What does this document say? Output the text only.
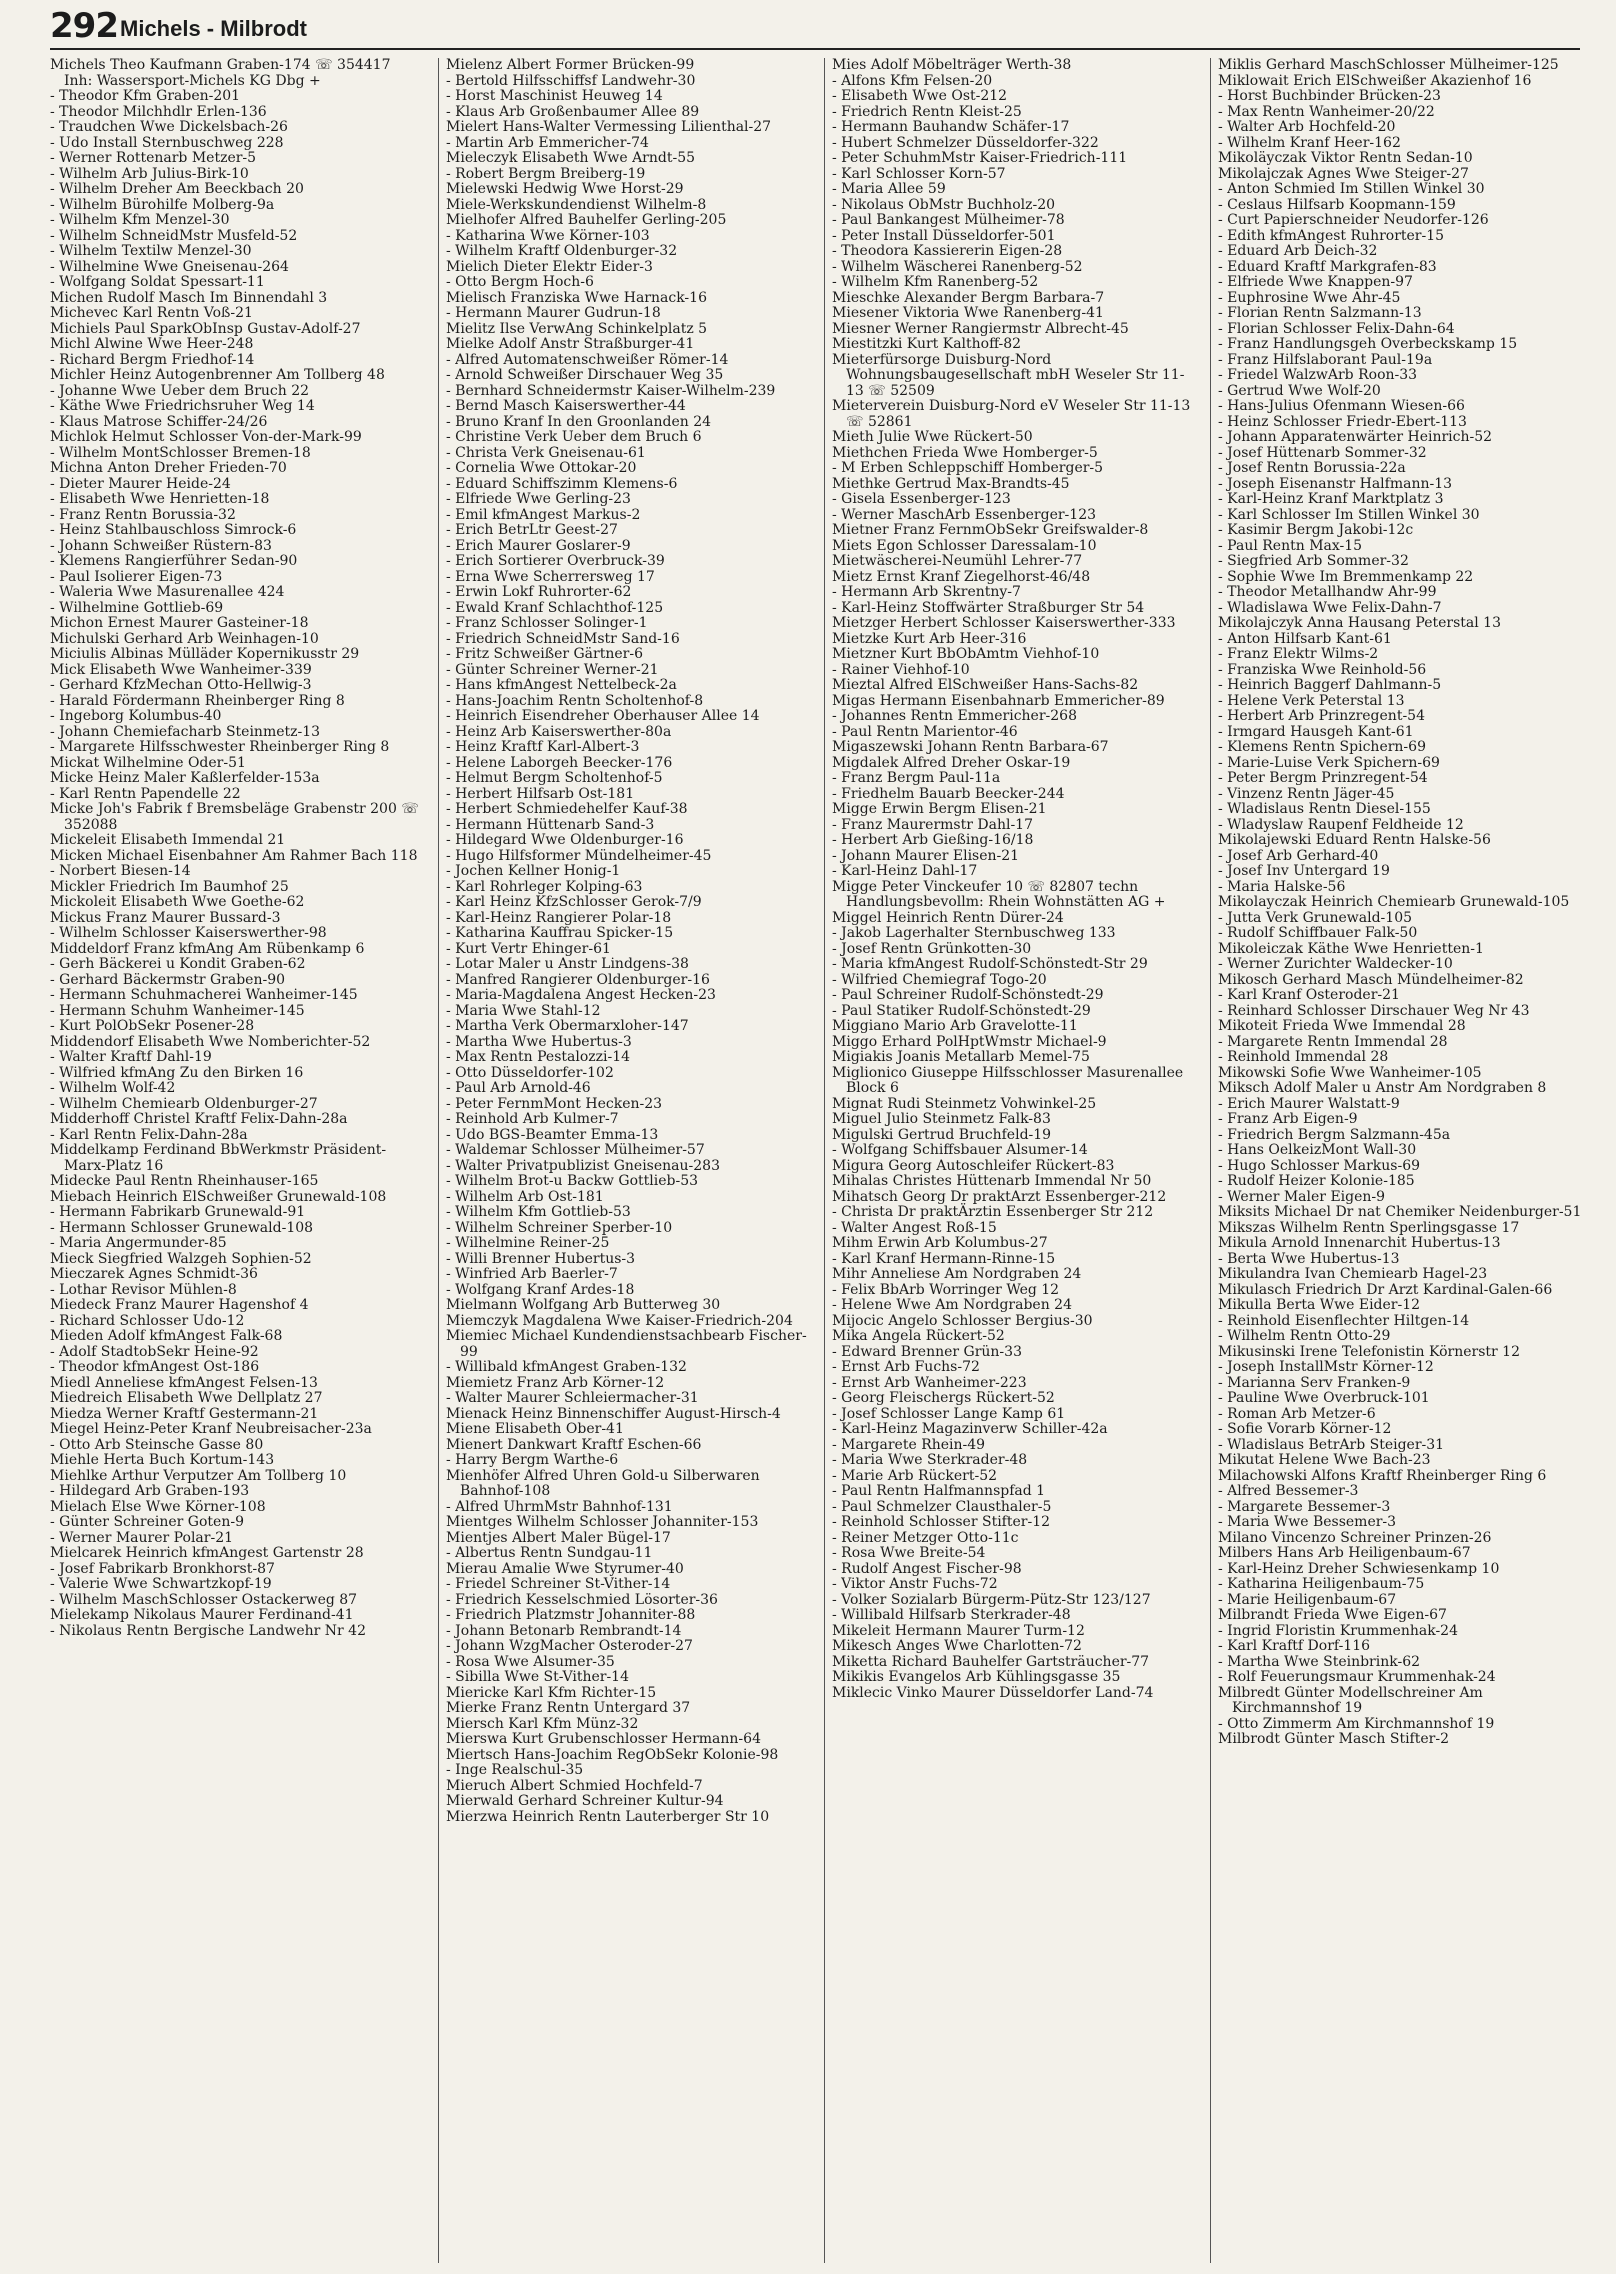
292 Michels - Milbrodt

Michels Theo Kaufmann Graben-174 ☏ 354417 Inh: Wassersport-Michels KG Dbg +

- Theodor Kfm Graben-201

- Theodor Milchhdlr Erlen-136

- Traudchen Wwe Dickelsbach-26

- Udo Install Sternbuschweg 228

- Werner Rottenarb Metzer-5

- Wilhelm Arb Julius-Birk-10

- Wilhelm Dreher Am Beeckbach 20

- Wilhelm Bürohilfe Molberg-9a

- Wilhelm Kfm Menzel-30

- Wilhelm SchneidMstr Musfeld-52

- Wilhelm Textilw Menzel-30

- Wilhelmine Wwe Gneisenau-264

- Wolfgang Soldat Spessart-11

Michen Rudolf Masch Im Binnendahl 3

Michevec Karl Rentn Voß-21

Michiels Paul SparkObInsp Gustav-Adolf-27

Michl Alwine Wwe Heer-248

- Richard Bergm Friedhof-14

Michler Heinz Autogenbrenner Am Tollberg 48

- Johanne Wwe Ueber dem Bruch 22

- Käthe Wwe Friedrichsruher Weg 14

- Klaus Matrose Schiffer-24/26

Michlok Helmut Schlosser Von-der-Mark-99

- Wilhelm MontSchlosser Bremen-18

Michna Anton Dreher Frieden-70

- Dieter Maurer Heide-24

- Elisabeth Wwe Henrietten-18

- Franz Rentn Borussia-32

- Heinz Stahlbauschloss Simrock-6

- Johann Schweißer Rüstern-83

- Klemens Rangierführer Sedan-90

- Paul Isolierer Eigen-73

- Waleria Wwe Masurenallee 424

- Wilhelmine Gottlieb-69

Michon Ernest Maurer Gasteiner-18

Michulski Gerhard Arb Weinhagen-10

Miciulis Albinas Mülläder Kopernikusstr 29

Mick Elisabeth Wwe Wanheimer-339

- Gerhard KfzMechan Otto-Hellwig-3

- Harald Fördermann Rheinberger Ring 8

- Ingeborg Kolumbus-40

- Johann Chemiefacharb Steinmetz-13

- Margarete Hilfsschwester Rheinberger Ring 8

Mickat Wilhelmine Oder-51

Micke Heinz Maler Kaßlerfelder-153a

- Karl Rentn Papendelle 22

Micke Joh's Fabrik f Bremsbeläge Grabenstr 200 ☏ 352088

Mickeleit Elisabeth Immendal 21

Micken Michael Eisenbahner Am Rahmer Bach 118

- Norbert Biesen-14

Mickler Friedrich Im Baumhof 25

Mickoleit Elisabeth Wwe Goethe-62

Mickus Franz Maurer Bussard-3

- Wilhelm Schlosser Kaiserswerther-98

Middeldorf Franz kfmAng Am Rübenkamp 6

- Gerh Bäckerei u Kondit Graben-62

- Gerhard Bäckermstr Graben-90

- Hermann Schuhmacherei Wanheimer-145

- Hermann Schuhm Wanheimer-145

- Kurt PolObSekr Posener-28

Middendorf Elisabeth Wwe Nomberichter-52

- Walter Kraftf Dahl-19

- Wilfried kfmAng Zu den Birken 16

- Wilhelm Wolf-42

- Wilhelm Chemiearb Oldenburger-27

Midderhoff Christel Kraftf Felix-Dahn-28a

- Karl Rentn Felix-Dahn-28a

Middelkamp Ferdinand BbWerkmstr Präsident-Marx-Platz 16

Midecke Paul Rentn Rheinhauser-165

Miebach Heinrich ElSchweißer Grunewald-108

- Hermann Fabrikarb Grunewald-91

- Hermann Schlosser Grunewald-108

- Maria Angermunder-85

Mieck Siegfried Walzgeh Sophien-52

Mieczarek Agnes Schmidt-36

- Lothar Revisor Mühlen-8

Miedeck Franz Maurer Hagenshof 4

- Richard Schlosser Udo-12

Mieden Adolf kfmAngest Falk-68

- Adolf StadtobSekr Heine-92

- Theodor kfmAngest Ost-186

Miedl Anneliese kfmAngest Felsen-13

Miedreich Elisabeth Wwe Dellplatz 27

Miedza Werner Kraftf Gestermann-21

Miegel Heinz-Peter Kranf Neubreisacher-23a

- Otto Arb Steinsche Gasse 80

Miehle Herta Buch Kortum-143

Miehlke Arthur Verputzer Am Tollberg 10

- Hildegard Arb Graben-193

Mielach Else Wwe Körner-108

- Günter Schreiner Goten-9

- Werner Maurer Polar-21

Mielcarek Heinrich kfmAngest Gartenstr 28

- Josef Fabrikarb Bronkhorst-87

- Valerie Wwe Schwartzkopf-19

- Wilhelm MaschSchlosser Ostackerweg 87

Mielekamp Nikolaus Maurer Ferdinand-41

- Nikolaus Rentn Bergische Landwehr Nr 42

Mielenz Albert Former Brücken-99

- Bertold Hilfsschiffsf Landwehr-30

- Horst Maschinist Heuweg 14

- Klaus Arb Großenbaumer Allee 89

Mielert Hans-Walter Vermessing Lilienthal-27

- Martin Arb Emmericher-74

Mieleczyk Elisabeth Wwe Arndt-55

- Robert Bergm Breiberg-19

Mielewski Hedwig Wwe Horst-29

Miele-Werkskundendienst Wilhelm-8

Mielhofer Alfred Bauhelfer Gerling-205

- Katharina Wwe Körner-103

- Wilhelm Kraftf Oldenburger-32

Mielich Dieter Elektr Eider-3

- Otto Bergm Hoch-6

Mielisch Franziska Wwe Harnack-16

- Hermann Maurer Gudrun-18

Mielitz Ilse VerwAng Schinkelplatz 5

Mielke Adolf Anstr Straßburger-41

- Alfred Automatenschweißer Römer-14

- Arnold Schweißer Dirschauer Weg 35

- Bernhard Schneidermstr Kaiser-Wilhelm-239

- Bernd Masch Kaiserswerther-44

- Bruno Kranf In den Groonlanden 24

- Christine Verk Ueber dem Bruch 6

- Christa Verk Gneisenau-61

- Cornelia Wwe Ottokar-20

- Eduard Schiffszimm Klemens-6

- Elfriede Wwe Gerling-23

- Emil kfmAngest Markus-2

- Erich BetrLtr Geest-27

- Erich Maurer Goslarer-9

- Erich Sortierer Overbruck-39

- Erna Wwe Scherrersweg 17

- Erwin Lokf Ruhrorter-62

- Ewald Kranf Schlachthof-125

- Franz Schlosser Solinger-1

- Friedrich SchneidMstr Sand-16

- Fritz Schweißer Gärtner-6

- Günter Schreiner Werner-21

- Hans kfmAngest Nettelbeck-2a

- Hans-Joachim Rentn Scholtenhof-8

- Heinrich Eisendreher Oberhauser Allee 14

- Heinz Arb Kaiserswerther-80a

- Heinz Kraftf Karl-Albert-3

- Helene Laborgeh Beecker-176

- Helmut Bergm Scholtenhof-5

- Herbert Hilfsarb Ost-181

- Herbert Schmiedehelfer Kauf-38

- Hermann Hüttenarb Sand-3

- Hildegard Wwe Oldenburger-16

- Hugo Hilfsformer Mündelheimer-45

- Jochen Kellner Honig-1

- Karl Rohrleger Kolping-63

- Karl Heinz KfzSchlosser Gerok-7/9

- Karl-Heinz Rangierer Polar-18

- Katharina Kauffrau Spicker-15

- Kurt Vertr Ehinger-61

- Lotar Maler u Anstr Lindgens-38

- Manfred Rangierer Oldenburger-16

- Maria-Magdalena Angest Hecken-23

- Maria Wwe Stahl-12

- Martha Verk Obermarxloher-147

- Martha Wwe Hubertus-3

- Max Rentn Pestalozzi-14

- Otto Düsseldorfer-102

- Paul Arb Arnold-46

- Peter FernmMont Hecken-23

- Reinhold Arb Kulmer-7

- Udo BGS-Beamter Emma-13

- Waldemar Schlosser Mülheimer-57

- Walter Privatpublizist Gneisenau-283

- Wilhelm Brot-u Backw Gottlieb-53

- Wilhelm Arb Ost-181

- Wilhelm Kfm Gottlieb-53

- Wilhelm Schreiner Sperber-10

- Wilhelmine Reiner-25

- Willi Brenner Hubertus-3

- Winfried Arb Baerler-7

- Wolfgang Kranf Ardes-18

Mielmann Wolfgang Arb Butterweg 30

Miemczyk Magdalena Wwe Kaiser-Friedrich-204

Miemiec Michael Kundendienstsachbearb Fischer-99

- Willibald kfmAngest Graben-132

Miemietz Franz Arb Körner-12

- Walter Maurer Schleiermacher-31

Mienack Heinz Binnenschiffer August-Hirsch-4

Miene Elisabeth Ober-41

Mienert Dankwart Kraftf Eschen-66

- Harry Bergm Warthe-6

Mienhöfer Alfred Uhren Gold-u Silberwaren Bahnhof-108

- Alfred UhrmMstr Bahnhof-131

Mientges Wilhelm Schlosser Johanniter-153

Mientjes Albert Maler Bügel-17

- Albertus Rentn Sundgau-11

Mierau Amalie Wwe Styrumer-40

- Friedel Schreiner St-Vither-14

- Friedrich Kesselschmied Lösorter-36

- Friedrich Platzmstr Johanniter-88

- Johann Betonarb Rembrandt-14

- Johann WzgMacher Osteroder-27

- Rosa Wwe Alsumer-35

- Sibilla Wwe St-Vither-14

Miericke Karl Kfm Richter-15

Mierke Franz Rentn Untergard 37

Miersch Karl Kfm Münz-32

Mierswa Kurt Grubenschlosser Hermann-64

Miertsch Hans-Joachim RegObSekr Kolonie-98

- Inge Realschul-35

Mieruch Albert Schmied Hochfeld-7

Mierwald Gerhard Schreiner Kultur-94

Mierzwa Heinrich Rentn Lauterberger Str 10

Mies Adolf Möbelträger Werth-38

- Alfons Kfm Felsen-20

- Elisabeth Wwe Ost-212

- Friedrich Rentn Kleist-25

- Hermann Bauhandw Schäfer-17

- Hubert Schmelzer Düsseldorfer-322

- Peter SchuhmMstr Kaiser-Friedrich-111

- Karl Schlosser Korn-57

- Maria Allee 59

- Nikolaus ObMstr Buchholz-20

- Paul Bankangest Mülheimer-78

- Peter Install Düsseldorfer-501

- Theodora Kassiererin Eigen-28

- Wilhelm Wäscherei Ranenberg-52

- Wilhelm Kfm Ranenberg-52

Mieschke Alexander Bergm Barbara-7

Miesener Viktoria Wwe Ranenberg-41

Miesner Werner Rangiermstr Albrecht-45

Miestitzki Kurt Kalthoff-82

Mieterfürsorge Duisburg-Nord Wohnungsbaugesellschaft mbH Weseler Str 11-13 ☏ 52509

Mieterverein Duisburg-Nord eV Weseler Str 11-13 ☏ 52861

Mieth Julie Wwe Rückert-50

Miethchen Frieda Wwe Homberger-5

- M Erben Schleppschiff Homberger-5

Miethke Gertrud Max-Brandts-45

- Gisela Essenberger-123

- Werner MaschArb Essenberger-123

Mietner Franz FernmObSekr Greifswalder-8

Miets Egon Schlosser Daressalam-10

Mietwäscherei-Neumühl Lehrer-77

Mietz Ernst Kranf Ziegelhorst-46/48

- Hermann Arb Skrentny-7

- Karl-Heinz Stoffwärter Straßburger Str 54

Mietzger Herbert Schlosser Kaiserswerther-333

Mietzke Kurt Arb Heer-316

Mietzner Kurt BbObAmtm Viehhof-10

- Rainer Viehhof-10

Mieztal Alfred ElSchweißer Hans-Sachs-82

Migas Hermann Eisenbahnarb Emmericher-89

- Johannes Rentn Emmericher-268

- Paul Rentn Marientor-46

Migaszewski Johann Rentn Barbara-67

Migdalek Alfred Dreher Oskar-19

- Franz Bergm Paul-11a

- Friedhelm Bauarb Beecker-244

Migge Erwin Bergm Elisen-21

- Franz Maurermstr Dahl-17

- Herbert Arb Gießing-16/18

- Johann Maurer Elisen-21

- Karl-Heinz Dahl-17

Migge Peter Vinckeufer 10 ☏ 82807 techn Handlungsbevollm: Rhein Wohnstätten AG +

Miggel Heinrich Rentn Dürer-24

- Jakob Lagerhalter Sternbuschweg 133

- Josef Rentn Grünkotten-30

- Maria kfmAngest Rudolf-Schönstedt-Str 29

- Wilfried Chemiegraf Togo-20

- Paul Schreiner Rudolf-Schönstedt-29

- Paul Statiker Rudolf-Schönstedt-29

Miggiano Mario Arb Gravelotte-11

Miggo Erhard PolHptWmstr Michael-9

Migiakis Joanis Metallarb Memel-75

Miglionico Giuseppe Hilfsschlosser Masurenallee Block 6

Mignat Rudi Steinmetz Vohwinkel-25

Miguel Julio Steinmetz Falk-83

Migulski Gertrud Bruchfeld-19

- Wolfgang Schiffsbauer Alsumer-14

Migura Georg Autoschleifer Rückert-83

Mihalas Christes Hüttenarb Immendal Nr 50

Mihatsch Georg Dr praktArzt Essenberger-212

- Christa Dr praktÄrztin Essenberger Str 212

- Walter Angest Roß-15

Mihm Erwin Arb Kolumbus-27

- Karl Kranf Hermann-Rinne-15

Mihr Anneliese Am Nordgraben 24

- Felix BbArb Worringer Weg 12

- Helene Wwe Am Nordgraben 24

Mijocic Angelo Schlosser Bergius-30

Mika Angela Rückert-52

- Edward Brenner Grün-33

- Ernst Arb Fuchs-72

- Ernst Arb Wanheimer-223

- Georg Fleischergs Rückert-52

- Josef Schlosser Lange Kamp 61

- Karl-Heinz Magazinverw Schiller-42a

- Margarete Rhein-49

- Maria Wwe Sterkrader-48

- Marie Arb Rückert-52

- Paul Rentn Halfmannspfad 1

- Paul Schmelzer Clausthaler-5

- Reinhold Schlosser Stifter-12

- Reiner Metzger Otto-11c

- Rosa Wwe Breite-54

- Rudolf Angest Fischer-98

- Viktor Anstr Fuchs-72

- Volker Sozialarb Bürgerm-Pütz-Str 123/127

- Willibald Hilfsarb Sterkrader-48

Mikeleit Hermann Maurer Turm-12

Mikesch Anges Wwe Charlotten-72

Miketta Richard Bauhelfer Gartsträucher-77

Mikikis Evangelos Arb Kühlingsgasse 35

Miklecic Vinko Maurer Düsseldorfer Land-74

Miklis Gerhard MaschSchlosser Mülheimer-125

Miklowait Erich ElSchweißer Akazienhof 16

- Horst Buchbinder Brücken-23

- Max Rentn Wanheimer-20/22

- Walter Arb Hochfeld-20

- Wilhelm Kranf Heer-162

Mikoläyczak Viktor Rentn Sedan-10

Mikolajczak Agnes Wwe Steiger-27

- Anton Schmied Im Stillen Winkel 30

- Ceslaus Hilfsarb Koopmann-159

- Curt Papierschneider Neudorfer-126

- Edith kfmAngest Ruhrorter-15

- Eduard Arb Deich-32

- Eduard Kraftf Markgrafen-83

- Elfriede Wwe Knappen-97

- Euphrosine Wwe Ahr-45

- Florian Rentn Salzmann-13

- Florian Schlosser Felix-Dahn-64

- Franz Handlungsgeh Overbeckskamp 15

- Franz Hilfslaborant Paul-19a

- Friedel WalzwArb Roon-33

- Gertrud Wwe Wolf-20

- Hans-Julius Ofenmann Wiesen-66

- Heinz Schlosser Friedr-Ebert-113

- Johann Apparatenwärter Heinrich-52

- Josef Hüttenarb Sommer-32

- Josef Rentn Borussia-22a

- Joseph Eisenanstr Halfmann-13

- Karl-Heinz Kranf Marktplatz 3

- Karl Schlosser Im Stillen Winkel 30

- Kasimir Bergm Jakobi-12c

- Paul Rentn Max-15

- Siegfried Arb Sommer-32

- Sophie Wwe Im Bremmenkamp 22

- Theodor Metallhandw Ahr-99

- Wladislawa Wwe Felix-Dahn-7

Mikolajczyk Anna Hausang Peterstal 13

- Anton Hilfsarb Kant-61

- Franz Elektr Wilms-2

- Franziska Wwe Reinhold-56

- Heinrich Baggerf Dahlmann-5

- Helene Verk Peterstal 13

- Herbert Arb Prinzregent-54

- Irmgard Hausgeh Kant-61

- Klemens Rentn Spichern-69

- Marie-Luise Verk Spichern-69

- Peter Bergm Prinzregent-54

- Vinzenz Rentn Jäger-45

- Wladislaus Rentn Diesel-155

- Wladyslaw Raupenf Feldheide 12

Mikolajewski Eduard Rentn Halske-56

- Josef Arb Gerhard-40

- Josef Inv Untergard 19

- Maria Halske-56

Mikolayczak Heinrich Chemiearb Grunewald-105

- Jutta Verk Grunewald-105

- Rudolf Schiffbauer Falk-50

Mikoleiczak Käthe Wwe Henrietten-1

- Werner Zurichter Waldecker-10

Mikosch Gerhard Masch Mündelheimer-82

- Karl Kranf Osteroder-21

- Reinhard Schlosser Dirschauer Weg Nr 43

Mikoteit Frieda Wwe Immendal 28

- Margarete Rentn Immendal 28

- Reinhold Immendal 28

Mikowski Sofie Wwe Wanheimer-105

Miksch Adolf Maler u Anstr Am Nordgraben 8

- Erich Maurer Walstatt-9

- Franz Arb Eigen-9

- Friedrich Bergm Salzmann-45a

- Hans OelkeizMont Wall-30

- Hugo Schlosser Markus-69

- Rudolf Heizer Kolonie-185

- Werner Maler Eigen-9

Miksits Michael Dr nat Chemiker Neidenburger-51

Mikszas Wilhelm Rentn Sperlingsgasse 17

Mikula Arnold Innenarchit Hubertus-13

- Berta Wwe Hubertus-13

Mikulandra Ivan Chemiearb Hagel-23

Mikulasch Friedrich Dr Arzt Kardinal-Galen-66

Mikulla Berta Wwe Eider-12

- Reinhold Eisenflechter Hiltgen-14

- Wilhelm Rentn Otto-29

Mikusinski Irene Telefonistin Körnerstr 12

- Joseph InstallMstr Körner-12

- Marianna Serv Franken-9

- Pauline Wwe Overbruck-101

- Roman Arb Metzer-6

- Sofie Vorarb Körner-12

- Wladislaus BetrArb Steiger-31

Mikutat Helene Wwe Bach-23

Milachowski Alfons Kraftf Rheinberger Ring 6

- Alfred Bessemer-3

- Margarete Bessemer-3

- Maria Wwe Bessemer-3

Milano Vincenzo Schreiner Prinzen-26

Milbers Hans Arb Heiligenbaum-67

- Karl-Heinz Dreher Schwiesenkamp 10

- Katharina Heiligenbaum-75

- Marie Heiligenbaum-67

Milbrandt Frieda Wwe Eigen-67

- Ingrid Floristin Krummenhak-24

- Karl Kraftf Dorf-116

- Martha Wwe Steinbrink-62

- Rolf Feuerungsmaur Krummenhak-24

Milbredt Günter Modellschreiner Am Kirchmannshof 19

- Otto Zimmerm Am Kirchmannshof 19

Milbrodt Günter Masch Stifter-2
